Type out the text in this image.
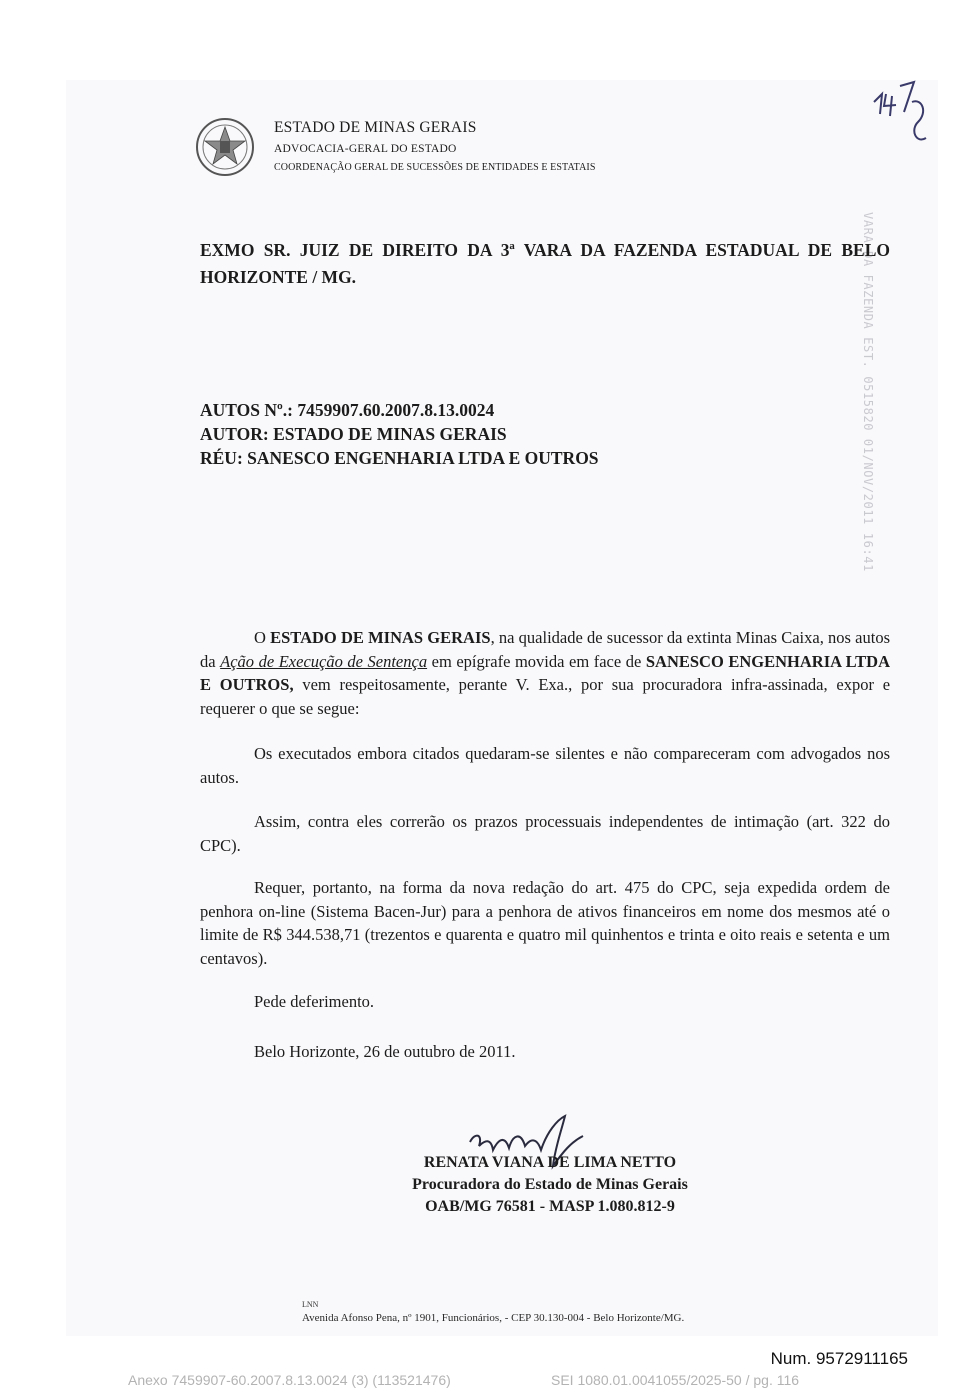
ESTADO DE MINAS GERAIS
ADVOCACIA-GERAL DO ESTADO
COORDENAÇÃO GERAL DE SUCESSÕES DE ENTIDADES E ESTATAIS
VARA DA FAZENDA EST. 0515820 01/NOV/2011 16:41
EXMO SR. JUIZ DE DIREITO DA 3ª VARA DA FAZENDA ESTADUAL DE BELO HORIZONTE / MG.
AUTOS Nº.: 7459907.60.2007.8.13.0024
AUTOR: ESTADO DE MINAS GERAIS
RÉU: SANESCO ENGENHARIA LTDA E OUTROS

O ESTADO DE MINAS GERAIS, na qualidade de sucessor da extinta Minas Caixa, nos autos da Ação de Execução de Sentença em epígrafe movida em face de SANESCO ENGENHARIA LTDA E OUTROS, vem respeitosamente, perante V. Exa., por sua procuradora infra-assinada, expor e requerer o que se segue:

Os executados embora citados quedaram-se silentes e não compareceram com advogados nos autos.

Assim, contra eles correrão os prazos processuais independentes de intimação (art. 322 do CPC).

Requer, portanto, na forma da nova redação do art. 475 do CPC, seja expedida ordem de penhora on-line (Sistema Bacen-Jur) para a penhora de ativos financeiros em nome dos mesmos até o limite de R$ 344.538,71 (trezentos e quarenta e quatro mil quinhentos e trinta e oito reais e setenta e um centavos).

Pede deferimento.

Belo Horizonte, 26 de outubro de 2011.

RENATA VIANA DE LIMA NETTO
Procuradora do Estado de Minas Gerais
OAB/MG 76581 - MASP 1.080.812-9
LNN
Avenida Afonso Pena, nº 1901, Funcionários, - CEP 30.130-004 - Belo Horizonte/MG.
Num. 9572911165
Anexo 7459907-60.2007.8.13.0024 (3) (113521476)	SEI 1080.01.0041055/2025-50 / pg. 116
